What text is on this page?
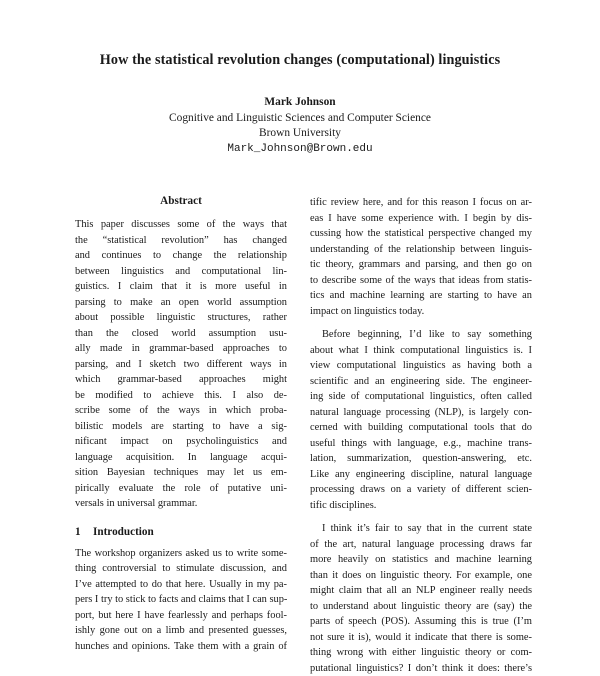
How the statistical revolution changes (computational) linguistics
Mark Johnson
Cognitive and Linguistic Sciences and Computer Science
Brown University
Mark_Johnson@Brown.edu
Abstract
This paper discusses some of the ways that
the “statistical revolution” has changed
and continues to change the relationship
between linguistics and computational lin-
guistics. I claim that it is more useful in
parsing to make an open world assumption
about possible linguistic structures, rather
than the closed world assumption usu-
ally made in grammar-based approaches to
parsing, and I sketch two different ways in
which grammar-based approaches might
be modified to achieve this. I also de-
scribe some of the ways in which proba-
bilistic models are starting to have a sig-
nificant impact on psycholinguistics and
language acquisition. In language acqui-
sition Bayesian techniques may let us em-
pirically evaluate the role of putative uni-
versals in universal grammar.
1 Introduction
The workshop organizers asked us to write some-
thing controversial to stimulate discussion, and
I’ve attempted to do that here. Usually in my pa-
pers I try to stick to facts and claims that I can sup-
port, but here I have fearlessly and perhaps fool-
ishly gone out on a limb and presented guesses,
hunches and opinions. Take them with a grain of
tific review here, and for this reason I focus on ar-
eas I have some experience with. I begin by dis-
cussing how the statistical perspective changed my
understanding of the relationship between linguis-
tic theory, grammars and parsing, and then go on
to describe some of the ways that ideas from statis-
tics and machine learning are starting to have an
impact on linguistics today.
Before beginning, I’d like to say something
about what I think computational linguistics is. I
view computational linguistics as having both a
scientific and an engineering side. The engineer-
ing side of computational linguistics, often called
natural language processing (NLP), is largely con-
cerned with building computational tools that do
useful things with language, e.g., machine trans-
lation, summarization, question-answering, etc.
Like any engineering discipline, natural language
processing draws on a variety of different scien-
tific disciplines.
I think it’s fair to say that in the current state
of the art, natural language processing draws far
more heavily on statistics and machine learning
than it does on linguistic theory. For example, one
might claim that all an NLP engineer really needs
to understand about linguistic theory are (say) the
parts of speech (POS). Assuming this is true (I’m
not sure it is), would it indicate that there is some-
thing wrong with either linguistic theory or com-
putational linguistics? I don’t think it does: there’s
